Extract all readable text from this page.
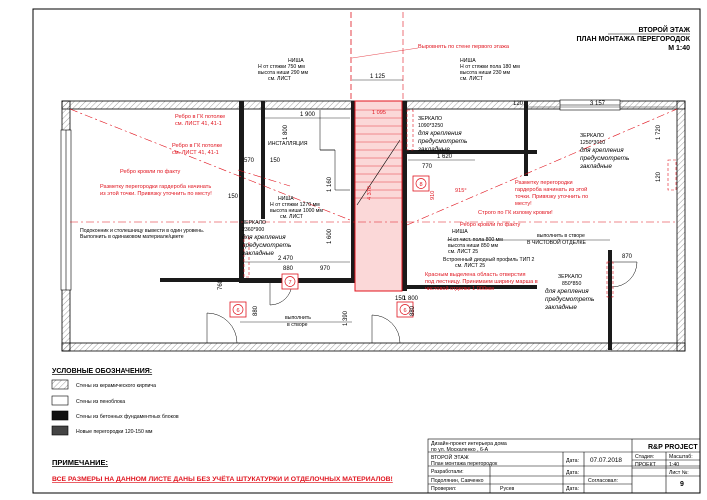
ВТОРОЙ ЭТАЖ
ПЛАН МОНТАЖА ПЕРЕГОРОДОК
М 1:40
7
8
6	6
Выровнять по стене первого этажа
Ребро в ГК потолке
см. ЛИСТ 41, 41-1
Ребро в ГК потолке
см. ЛИСТ 41, 41-1
Ребро кровли по факту
Разметку перегородки гардероба начинать
из этой точки. Привязку уточнить по месту!
Разметку перегородки
гардероба начинать из этой
точки. Привязку уточнить по
месту!
Строго по ГК излому кровли!
Ребро кровли по факту
Красным выделена область отверстия
под лестницу. Принимаем ширину марша в
чистовой отделке 1 000мм
НИША
Н от стяжки 750 мм
высота ниши 290 мм
см. ЛИСТ
НИША
Н от стяжки полa 180 мм
высота ниши 230 мм
см. ЛИСТ
НИША
Н от стяжки 1270 мм
высота ниши 1000 мм
см. ЛИСТ
НИША
Н от чист. пола 800 мм
высота ниши 850 мм
см. ЛИСТ 25
Встроенный диодный профиль ТИП 2
см. ЛИСТ 25
ИНСТАЛЛЯЦИЯ
Подоконник и столешницу вывести в один уровень.
Выполнить в одинаковом материале/цвете
ЗЕРКАЛО
1090*3250
для крепления
предусмотреть
закладные
ЗЕРКАЛО
1250*3010
для крепления
предусмотреть
закладные
ЗЕРКАЛО
2360*900
для крепления
предусмотреть
закладные
ЗЕРКАЛО
850*850
для крепления
предусмотреть
закладные
выполнить в створе
В ЧИСТОВОЙ ОТДЕЛКЕ
выполнить
в створе
1 125
3 157
1 900
120
1 095
1 720
120
1 620
770
570	150
1 800
1 160
150
2 470
880	970
1 800
150
1 390
880	880
760
4 370
1 600
910	915°
870
УСЛОВНЫЕ ОБОЗНАЧЕНИЯ:
Стены из керамического кирпича
Стены из пеноблока
Стены из бетонных фундаментных блоков
Новые перегородки 120-150 мм
ПРИМЕЧАНИЕ:
ВСЕ РАЗМЕРЫ НА ДАННОМ ЛИСТЕ ДАНЫ БЕЗ УЧЁТА ШТУКАТУРКИ И ОТДЕЛОЧНЫХ МАТЕРИАЛОВ!
Дизайн-проект интерьера дома
по ул. Москаленко , 6-А	R&P PROJECT
ВТОРОЙ ЭТАЖ
План монтажа перегородок	Дата: 07.07.2018	Стадия:
ПРОЕКТ
Масштаб:
1:40
Лист №:
9
Разработали:
Подолянин, Савченко
Проверил:	Русев
Согласовал:
Дата:
Дата:
